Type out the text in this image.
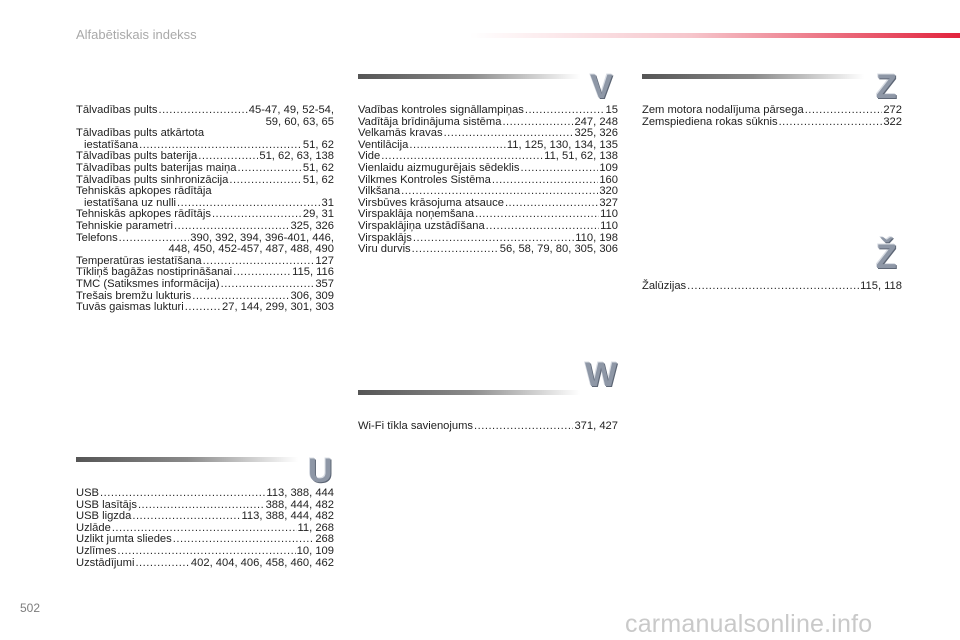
Alfabētiskais indekss
Tālvadības pults .....	45-47, 49, 52-54,
59, 60, 63, 65
Tālvadības pults atkārtota
iestatīšana .....	51, 62
Tālvadības pults baterija .....	51, 62, 63, 138
Tālvadības pults baterijas maiņa .....	51, 62
Tālvadības pults sinhronizācija .....	51, 62
Tehniskās apkopes rādītāja
iestatīšana uz nulli .....	31
Tehniskās apkopes rādītājs .....	29, 31
Tehniskie parametri .....	325, 326
Telefons .....	390, 392, 394, 396-401, 446,
448, 450, 452-457, 487, 488, 490
Temperatūras iestatīšana .....	127
Tīkliņš bagāžas nostiprināšanai .....	115, 116
TMC (Satiksmes informācija) .....	357
Trešais bremžu lukturis .....	306, 309
Tuvās gaismas lukturi .....	27, 144, 299, 301, 303
U
USB .....	113, 388, 444
USB lasītājs .....	388, 444, 482
USB ligzda .....	113, 388, 444, 482
Uzlāde .....	11, 268
Uzlikt jumta sliedes .....	268
Uzlīmes .....	10, 109
Uzstādījumi .....	402, 404, 406, 458, 460, 462
V
Vadības kontroles signāllampiņas .....	15
Vadītāja brīdinājuma sistēma .....	247, 248
Velkamās kravas .....	325, 326
Ventilācija .....	11, 125, 130, 134, 135
Vide .....	11, 51, 62, 138
Vienlaidu aizmugurējais sēdeklis .....	109
Vilkmes Kontroles Sistēma .....	160
Vilkšana .....	320
Virsbūves krāsojuma atsauce .....	327
Virspaklāja noņemšana .....	110
Virspaklājiņa uzstādīšana .....	110
Virspaklājs .....	110, 198
Viru durvis .....	56, 58, 79, 80, 305, 306
W
Wi-Fi tīkla savienojums .....	371, 427
Z
Zem motora nodalījuma pārsega .....	272
Zemspiediena rokas sūknis .....	322
Ž
Žalūzijas .....	115, 118
502
carmanualsonline.info
